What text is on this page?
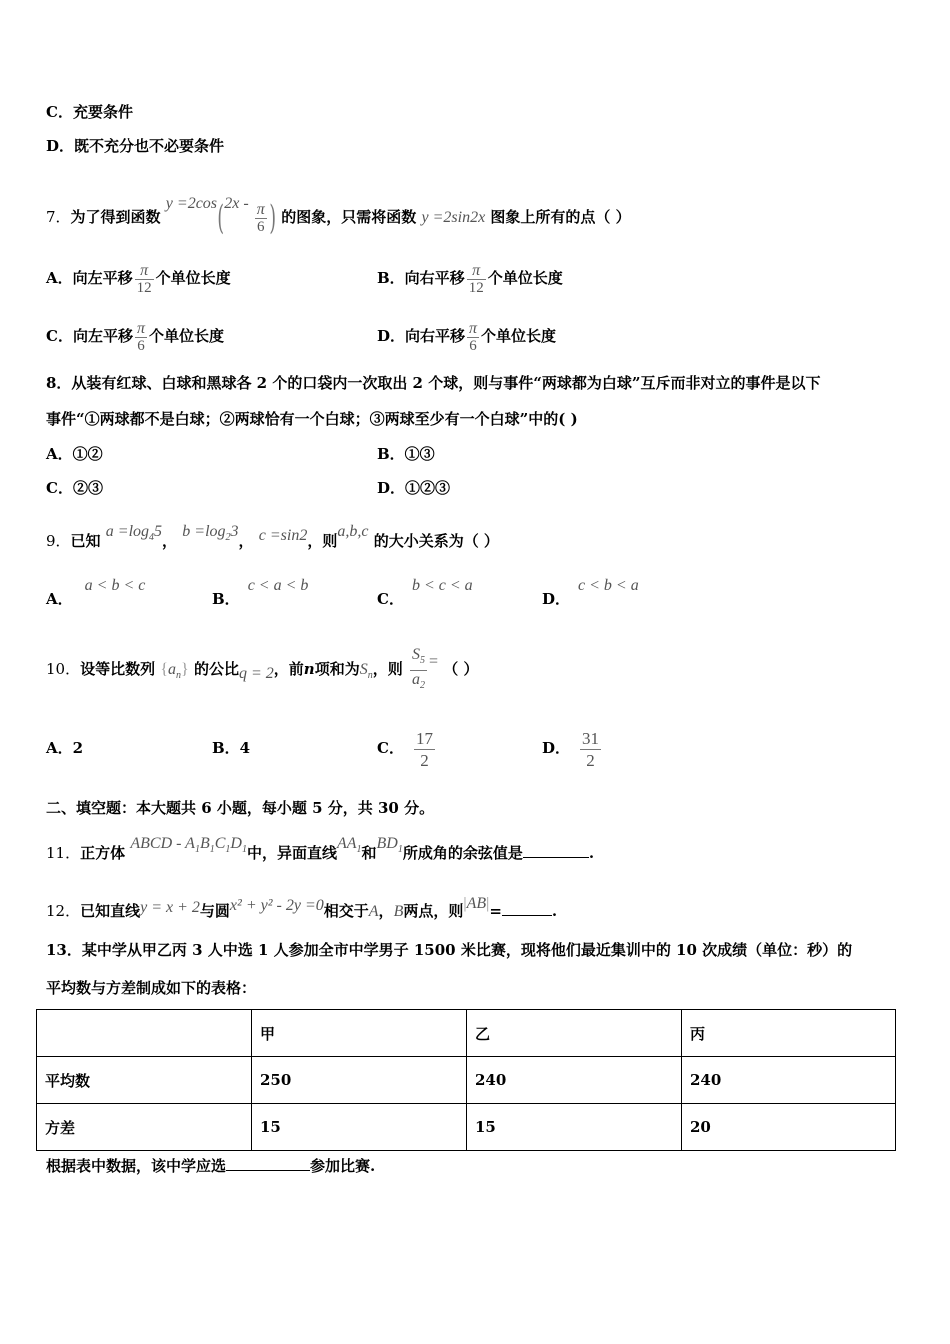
C．充要条件
D．既不充分也不必要条件
7．为了得到函数 $y =2\cos(2x - \frac{\pi}{6}$ ) 的图象，只需将函数 y =2sin2x 图象上所有的点（ ）
A．向左平移 $\frac{\pi}{12}$ 个单位长度	B．向右平移 $\frac{\pi}{12}$ 个单位长度
C．向左平移 $\frac{\pi}{6}$ 个单位长度	D．向右平移 $\frac{\pi}{6}$ 个单位长度
8．从装有红球、白球和黑球各 2 个的口袋内一次取出 2 个球，则与事件“两球都为白球”互斥而非对立的事件是以下
事件“①两球都不是白球；②两球恰有一个白球；③两球至少有一个白球”中的( )
A．①②	B．①③
C．②③	D．①②③
9．已知 $a =\log_45$， $b =\log_23$， c =sin2，则a,b,c 的大小关系为（ ）
A．a < b < c
B．c < a < b
C．b < c < a
D．c < b < a
10．设等比数列 $\{a_n\}$ 的公比q = 2，前n项和为$S_n$，则 $\frac{S_5}{a_2}$ = （ ）
A．2	B．4	C． $\frac{17}{2}$	D． $\frac{31}{2}$
二、填空题：本大题共 6 小题，每小题 5 分，共 30 分。
11．正方体 ABCD - $A_1B_1C_1D_1$中，异面直线$AA_1$和$BD_1$所成角的余弦值是	.
12．已知直线y = x + 2与圆x² + y² - 2y =0相交于A，B两点，则|AB|=	.
13．某中学从甲乙丙 3 人中选 1 人参加全市中学男子 1500 米比赛，现将他们最近集训中的 10 次成绩（单位：秒）的
平均数与方差制成如下的表格：
	甲	乙	丙
平均数	250	240	240
方差	15	15	20
根据表中数据，该中学应选	参加比赛.
